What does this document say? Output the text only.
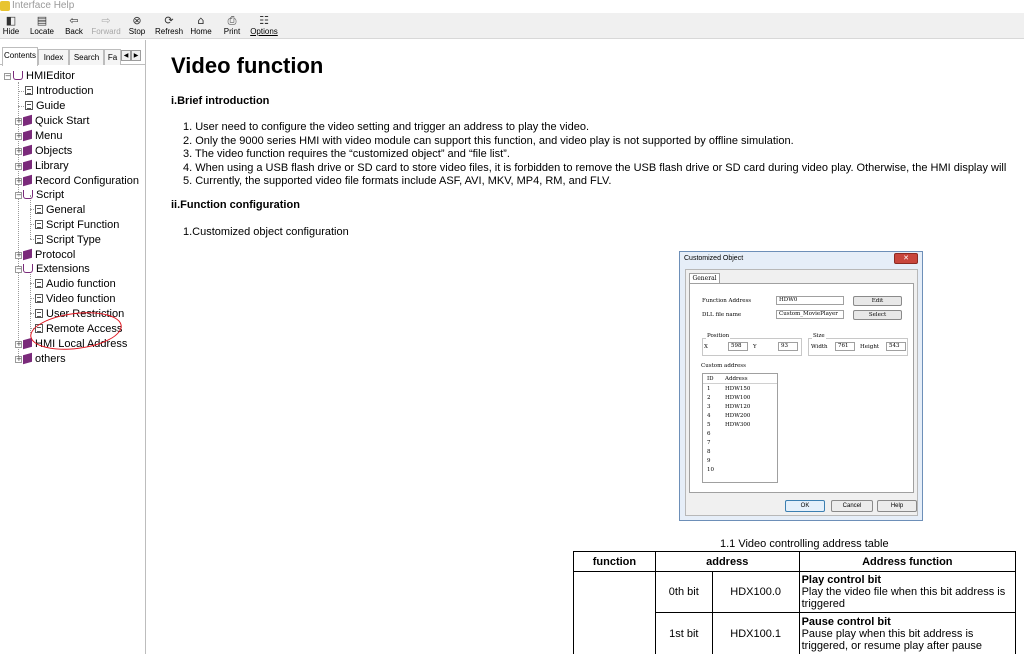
Interface Help
◧
Hide
▤
Locate
⇦
Back
⇨
Forward
⊗
Stop
⟳
Refresh
⌂
Home
⎙
Print
☷
Options
Contents Index	Search	Fa	◀ ▶
−	HMIEditor
Introduction
Guide
+	Quick Start
+	Menu
+	Objects
+	Library
+	Record Configuration
−	Script
General
Script Function
Script Type
+	Protocol
−	Extensions
Audio function
Video function
User Restriction
Remote Access
+	HMI Local Address
+	others
Video function
i.Brief introduction
1. User need to configure the video setting and trigger an address to play the video.
2. Only the 9000 series HMI with video module can support this function, and video play is not supported by offline simulation.
3. The video function requires the “customized object” and “file list”.
4. When using a USB flash drive or SD card to store video files, it is forbidden to remove the USB flash drive or SD card during video play. Otherwise, the HMI display will
5. Currently, the supported video file formats include ASF, AVI, MKV, MP4, RM, and FLV.
ii.Function configuration
1.Customized object configuration
Customized Object	✕
General
Function Address	HDW0	Edit
DLL file name	Custom_MoviePlayer	Select
Position
X	598	Y	93
Size
Width	761	Height	543
Custom address
ID Address
1	HDW150
2	HDW100
3	HDW120
4	HDW200
5	HDW300
6
7
8
9
10
OK	Cancel	Help
1.1 Video controlling address table
function	address		Address function
	0th bit	HDX100.0	Play control bit
Play the video file when this bit address is triggered

	1st bit	HDX100.1	Pause control bit
Pause play when this bit address is triggered, or resume play after pause
